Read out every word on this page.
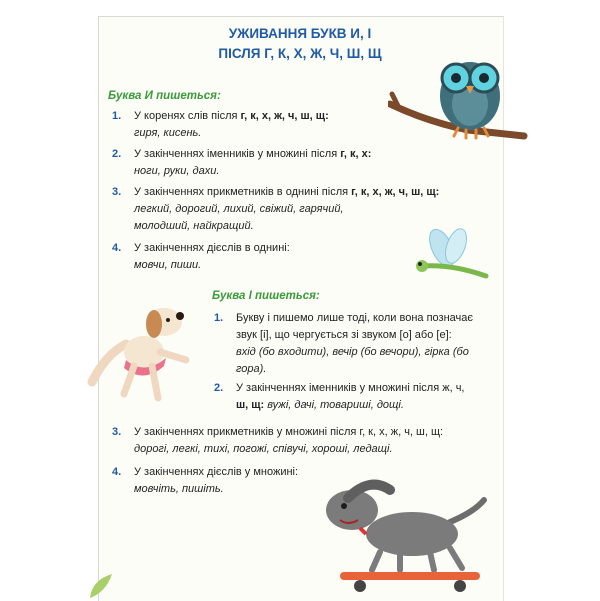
УЖИВАННЯ БУКВ И, І
ПІСЛЯ Г, К, Х, Ж, Ч, Ш, Щ
Буква И пишеться:
1. У коренях слів після г, к, х, ж, ч, ш, щ:
гиря, кисень.
2. У закінченнях іменників у множині після г, к, х:
ноги, руки, дахи.
3. У закінченнях прикметників в однині після г, к, х, ж, ч, ш, щ:
легкий, дорогий, лихий, свіжий, гарячий,
молодший, найкращий.
4. У закінченнях дієслів в однині:
мовчи, пиши.
Буква І пишеться:
1. Букву і пишемо лише тоді, коли вона позначає
звук [і], що чергується зі звуком [о] або [е]:
вхід (бо входити), вечір (бо вечори), гірка (бо
гора).
2. У закінченнях іменників у множині після ж, ч,
ш, щ: вужі, дачі, товариші, дощі.
3. У закінченнях прикметників у множині після г, к, х, ж, ч, ш, щ:
дорогі, легкі, тихі, погожі, співучі, хороші, ледащі.
4. У закінченнях дієслів у множині:
мовчіть, пишіть.
